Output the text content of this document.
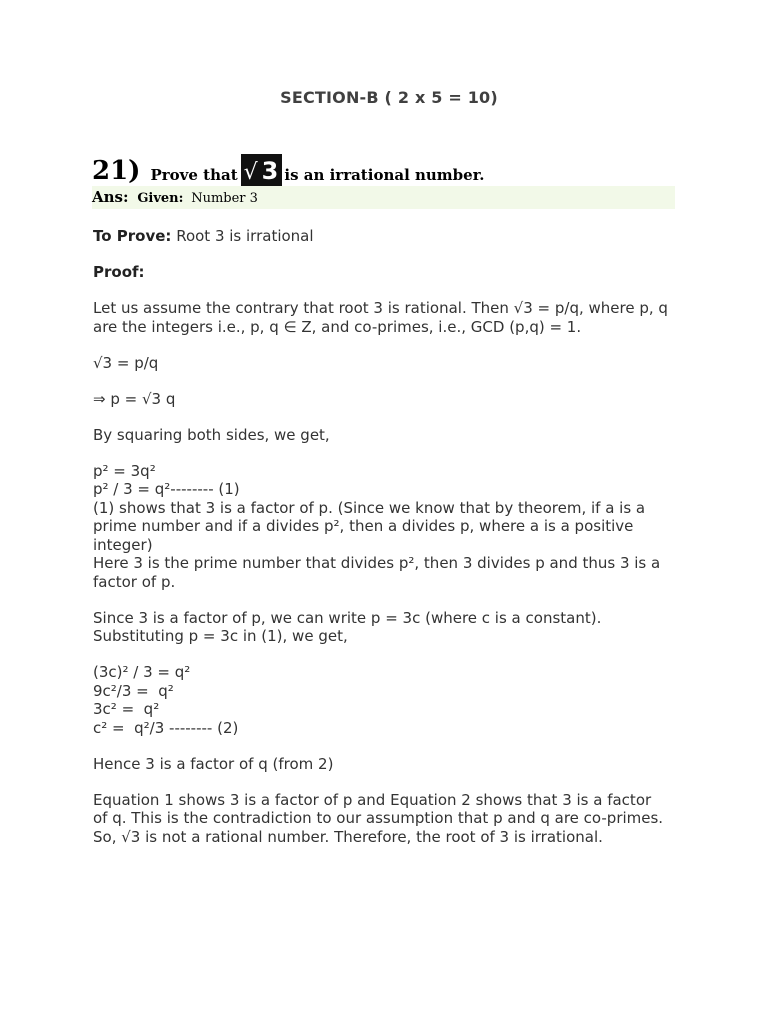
SECTION-B ( 2 x 5 = 10)
21) Prove that √ 3 is an irrational number.
Ans: Given: Number 3
To Prove: Root 3 is irrational
Proof:
Let us assume the contrary that root 3 is rational. Then √3 = p/q, where p, q
are the integers i.e., p, q ∈ Z, and co-primes, i.e., GCD (p,q) = 1.
√3 = p/q
⇒ p = √3 q
By squaring both sides, we get,
p² = 3q²
p² / 3 = q²-------- (1)
(1) shows that 3 is a factor of p. (Since we know that by theorem, if a is a
prime number and if a divides p², then a divides p, where a is a positive
integer)
Here 3 is the prime number that divides p², then 3 divides p and thus 3 is a
factor of p.
Since 3 is a factor of p, we can write p = 3c (where c is a constant).
Substituting p = 3c in (1), we get,
(3c)² / 3 = q²
9c²/3 =  q²
3c² =  q²
c² =  q²/3 -------- (2)
Hence 3 is a factor of q (from 2)
Equation 1 shows 3 is a factor of p and Equation 2 shows that 3 is a factor
of q. This is the contradiction to our assumption that p and q are co-primes.
So, √3 is not a rational number. Therefore, the root of 3 is irrational.
